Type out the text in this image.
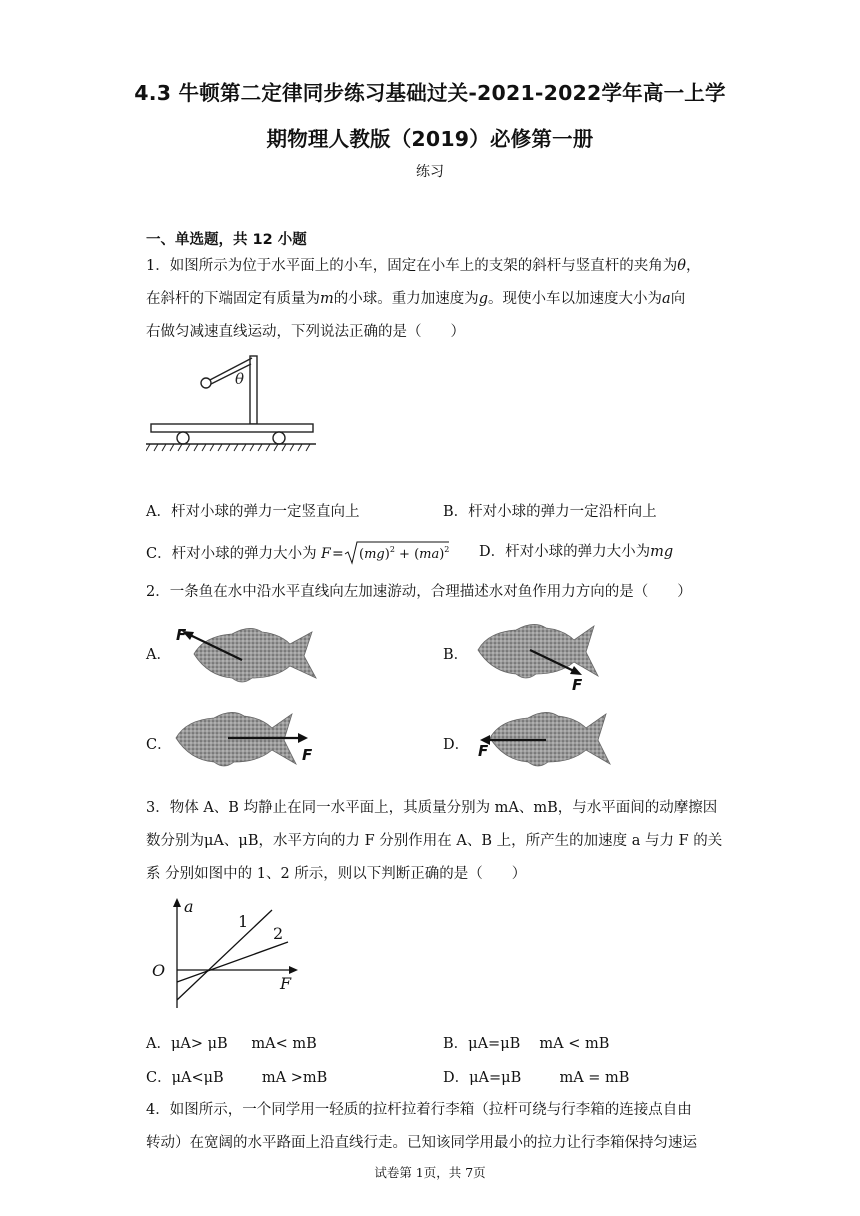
4.3 牛顿第二定律同步练习基础过关-2021-2022学年高一上学
期物理人教版（2019）必修第一册
练习
一、单选题，共 12 小题
1．如图所示为位于水平面上的小车，固定在小车上的支架的斜杆与竖直杆的夹角为θ，
在斜杆的下端固定有质量为m的小球。重力加速度为g。现使小车以加速度大小为a向
右做匀减速直线运动，下列说法正确的是（　　）
θ
A．杆对小球的弹力一定竖直向上	B．杆对小球的弹力一定沿杆向上
C．杆对小球的弹力大小为 F = (mg)$^2$ + (ma)$^2$ D．杆对小球的弹力大小为mg
2．一条鱼在水中沿水平直线向左加速游动，合理描述水对鱼作用力方向的是（　　）
A．	B．
C．	D．
F
F
F	F
3．物体 A、B 均静止在同一水平面上，其质量分别为 mA、mB，与水平面间的动摩擦因
数分别为μA、μB，水平方向的力 F 分别作用在 A、B 上，所产生的加速度 a 与力 F 的关
系 分别如图中的 1、2 所示，则以下判断正确的是（　　）
a
O
F
1
2
A．μA> μB 　 mA< mB	B．μA=μB 　mA < mB
C．μA<μB 　 　mA >mB	D．μA=μB 　 　mA = mB
4．如图所示，一个同学用一轻质的拉杆拉着行李箱（拉杆可绕与行李箱的连接点自由
转动）在宽阔的水平路面上沿直线行走。已知该同学用最小的拉力让行李箱保持匀速运
试卷第 1页，共 7页
